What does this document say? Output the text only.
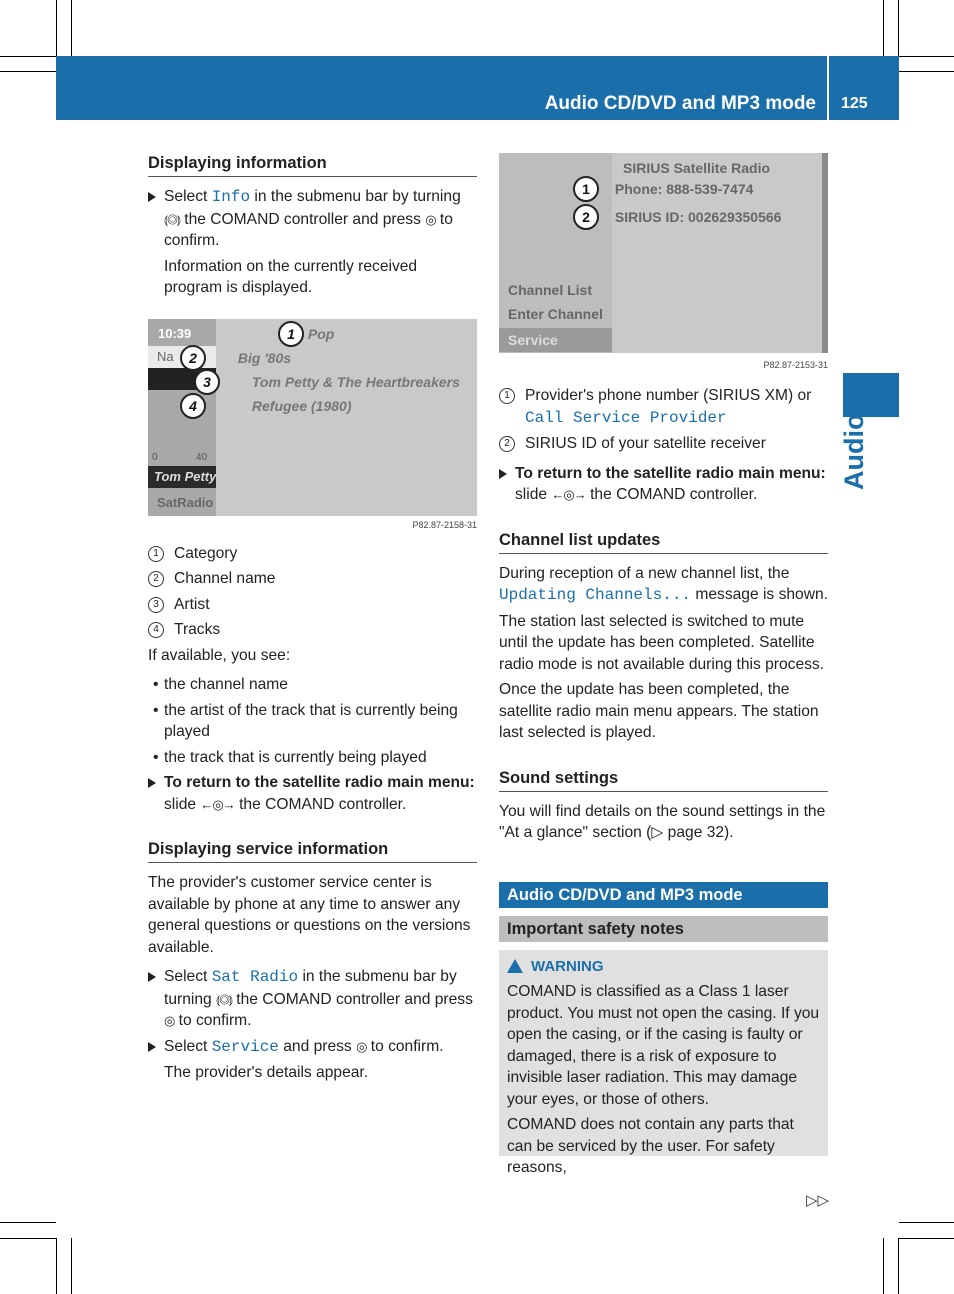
Audio CD/DVD and MP3 mode 125
Audio
Displaying information
Select Info in the submenu bar by turning ⦅◎⦆ the COMAND controller and press ◎ to confirm.

Information on the currently received program is displayed.

10:39
Na
0	40
Tom Petty
SatRadio
1 Pop
2	Big '80s
3	Tom Petty & The Heartbreakers
4	Refugee (1980)
P82.87-2158-31
1 Category
2 Channel name
3 Artist
4 Tracks

If available, you see:

• the channel name
• the artist of the track that is currently being played
• the track that is currently being played
To return to the satellite radio main menu: slide ←◎→ the COMAND controller.
Displaying service information

The provider's customer service center is available by phone at any time to answer any general questions or questions on the versions available.

Select Sat Radio in the submenu bar by turning ⦅◎⦆ the COMAND controller and press ◎ to confirm.
Select Service and press ◎ to confirm.

The provider's details appear.

SIRIUS Satellite Radio
1 Phone: 888-539-7474
2 SIRIUS ID: 002629350566
Channel List
Enter Channel
Service
P82.87-2153-31
1 Provider's phone number (SIRIUS XM) or Call Service Provider
2 SIRIUS ID of your satellite receiver
To return to the satellite radio main menu: slide ←◎→ the COMAND controller.
Channel list updates

During reception of a new channel list, the Updating Channels... message is shown.

The station last selected is switched to mute until the update has been completed. Satellite radio mode is not available during this process.

Once the update has been completed, the satellite radio main menu appears. The station last selected is played.

Sound settings

You will find details on the sound settings in the "At a glance" section (▷ page 32).

Audio CD/DVD and MP3 mode
Important safety notes
WARNING

COMAND is classified as a Class 1 laser product. You must not open the casing. If you open the casing, or if the casing is faulty or damaged, there is a risk of exposure to invisible laser radiation. This may damage your eyes, or those of others.

COMAND does not contain any parts that can be serviced by the user. For safety reasons,

▷▷
